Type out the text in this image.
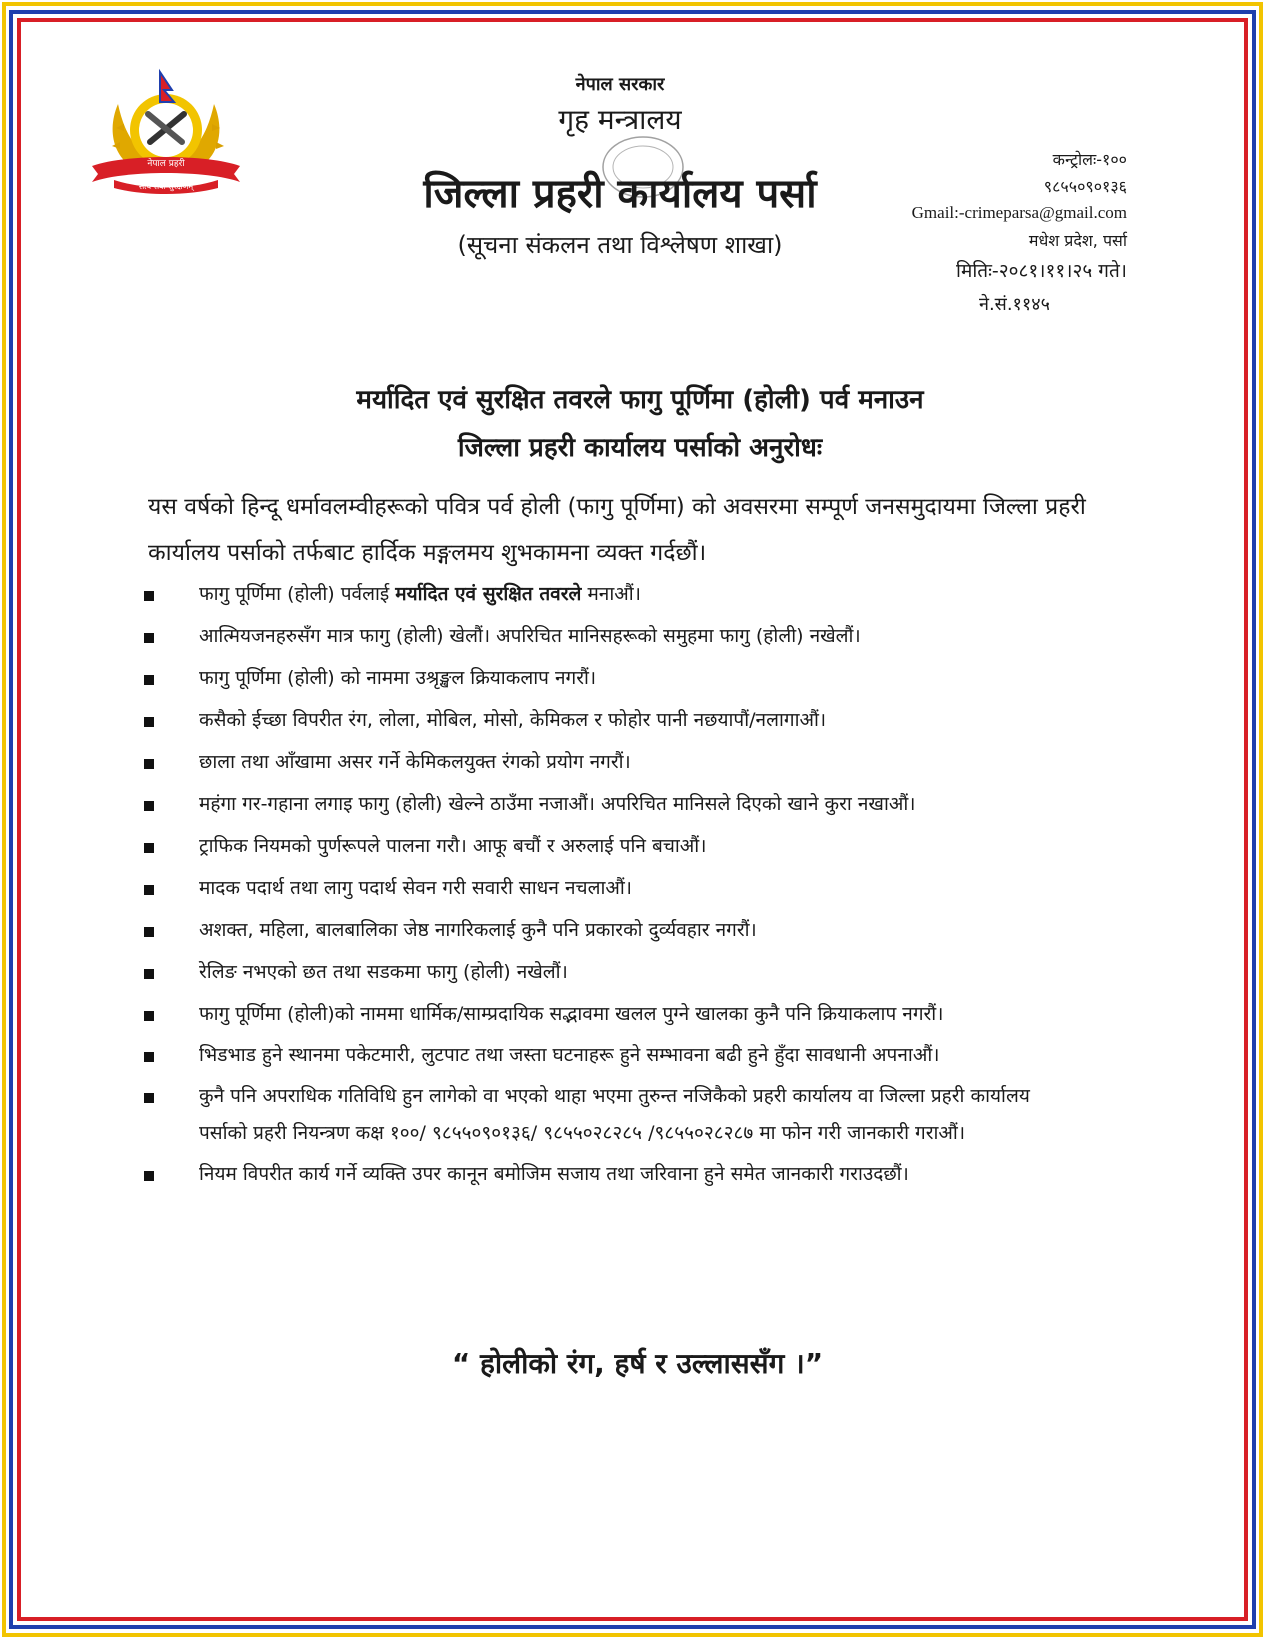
नेपाल प्रहरी
सत्य सेवा सुरक्षणम्
नेपाल सरकार
गृह मन्त्रालय
जिल्ला प्रहरी कार्यालय पर्सा
(सूचना संकलन तथा विश्लेषण शाखा)
कन्ट्रोलः-१००
९८५५०९०१३६
Gmail:-crimeparsa@gmail.com
मधेश प्रदेश, पर्सा
मितिः-२०८१।११।२५ गते।
ने.सं.११४५
मर्यादित एवं सुरक्षित तवरले फागु पूर्णिमा (होली) पर्व मनाउन
जिल्ला प्रहरी कार्यालय पर्साको अनुरोधः
यस वर्षको हिन्दू धर्मावलम्वीहरूको पवित्र पर्व होली (फागु पूर्णिमा) को अवसरमा सम्पूर्ण जनसमुदायमा जिल्ला प्रहरी कार्यालय पर्साको तर्फबाट हार्दिक मङ्गलमय शुभकामना व्यक्त गर्दछौं।
फागु पूर्णिमा (होली) पर्वलाई मर्यादित एवं सुरक्षित तवरले मनाऔं।
आत्मियजनहरुसँग मात्र फागु (होली) खेलौं। अपरिचित मानिसहरूको समुहमा फागु (होली) नखेलौं।
फागु पूर्णिमा (होली) को नाममा उश्रृङ्खल क्रियाकलाप नगरौं।
कसैको ईच्छा विपरीत रंग, लोला, मोबिल, मोसो, केमिकल र फोहोर पानी नछयापौं/नलागाऔं।
छाला तथा आँखामा असर गर्ने केमिकलयुक्त रंगको प्रयोग नगरौं।
महंगा गर-गहाना लगाइ फागु (होली) खेल्ने ठाउँमा नजाऔं। अपरिचित मानिसले दिएको खाने कुरा नखाऔं।
ट्राफिक नियमको पुर्णरूपले पालना गरौ। आफू बचौं र अरुलाई पनि बचाऔं।
मादक पदार्थ तथा लागु पदार्थ सेवन गरी सवारी साधन नचलाऔं।
अशक्त, महिला, बालबालिका जेष्ठ नागरिकलाई कुनै पनि प्रकारको दुर्व्यवहार नगरौं।
रेलिङ नभएको छत तथा सडकमा फागु (होली) नखेलौं।
फागु पूर्णिमा (होली)को नाममा धार्मिक/साम्प्रदायिक सद्भावमा खलल पुग्ने खालका कुनै पनि क्रियाकलाप नगरौं।
भिडभाड हुने स्थानमा पकेटमारी, लुटपाट तथा जस्ता घटनाहरू हुने सम्भावना बढी हुने हुँदा सावधानी अपनाऔं।
कुनै पनि अपराधिक गतिविधि हुन लागेको वा भएको थाहा भएमा तुरुन्त नजिकैको प्रहरी कार्यालय वा जिल्ला प्रहरी कार्यालय पर्साको प्रहरी नियन्त्रण कक्ष १००/ ९८५५०९०१३६/ ९८५५०२८२८५ /९८५५०२८२८७ मा फोन गरी जानकारी गराऔं।
नियम विपरीत कार्य गर्ने व्यक्ति उपर कानून बमोजिम सजाय तथा जरिवाना हुने समेत जानकारी गराउदछौं।
“ होलीको रंग, हर्ष र उल्लाससँग ।”
